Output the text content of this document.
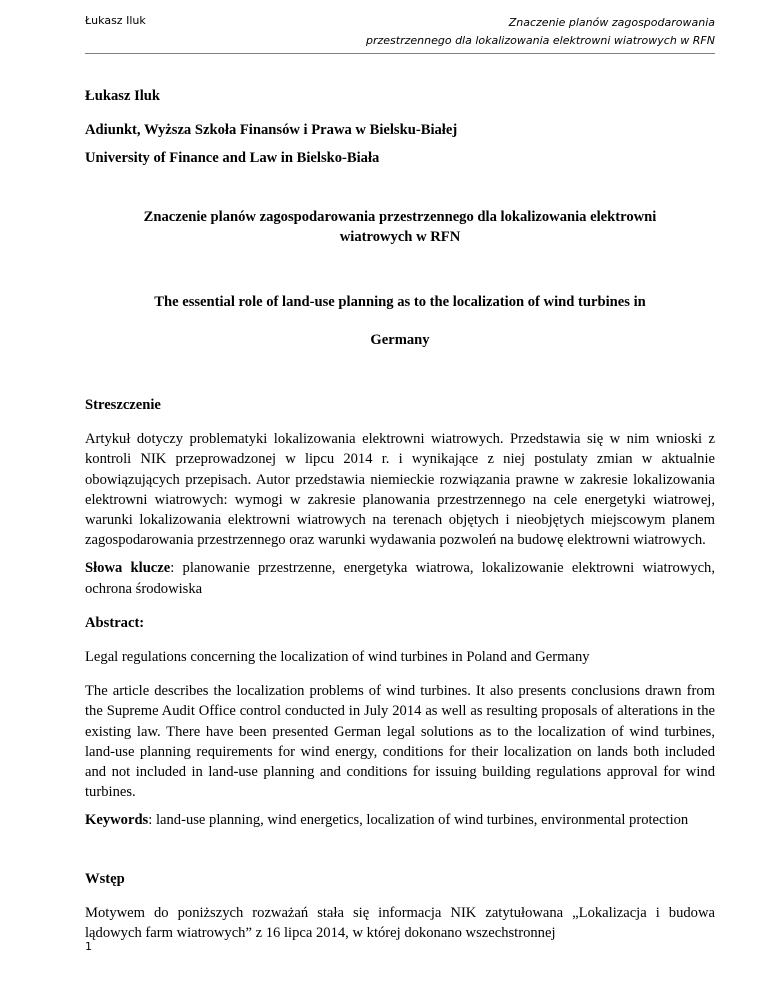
Łukasz Iluk	Znaczenie planów zagospodarowania
przestrzennego dla lokalizowania elektrowni wiatrowych w RFN

Łukasz Iluk

Adiunkt, Wyższa Szkoła Finansów i Prawa w Bielsku-Białej

University of Finance and Law in Bielsko-Biała

Znaczenie planów zagospodarowania przestrzennego dla lokalizowania elektrowni
wiatrowych w RFN
The essential role of land-use planning as to the localization of wind turbines in
Germany

Streszczenie

Artykuł dotyczy problematyki lokalizowania elektrowni wiatrowych. Przedstawia się w nim wnioski z kontroli NIK przeprowadzonej w lipcu 2014 r. i wynikające z niej postulaty zmian w aktualnie obowiązujących przepisach. Autor przedstawia niemieckie rozwiązania prawne w zakresie lokalizowania elektrowni wiatrowych: wymogi w zakresie planowania przestrzennego na cele energetyki wiatrowej, warunki lokalizowania elektrowni wiatrowych na terenach objętych i nieobjętych miejscowym planem zagospodarowania przestrzennego oraz warunki wydawania pozwoleń na budowę elektrowni wiatrowych.

Słowa klucze: planowanie przestrzenne, energetyka wiatrowa, lokalizowanie elektrowni wiatrowych, ochrona środowiska

Abstract:

Legal regulations concerning the localization of wind turbines in Poland and Germany

The article describes the localization problems of wind turbines. It also presents conclusions drawn from the Supreme Audit Office control conducted in July 2014 as well as resulting proposals of alterations in the existing law. There have been presented German legal solutions as to the localization of wind turbines, land-use planning requirements for wind energy, conditions for their localization on lands both included and not included in land-use planning and conditions for issuing building regulations approval for wind turbines.

Keywords: land-use planning, wind energetics, localization of wind turbines, environmental protection

Wstęp

Motywem do poniższych rozważań stała się informacja NIK zatytułowana „Lokalizacja i budowa lądowych farm wiatrowych” z 16 lipca 2014, w której dokonano wszechstronnej

1
